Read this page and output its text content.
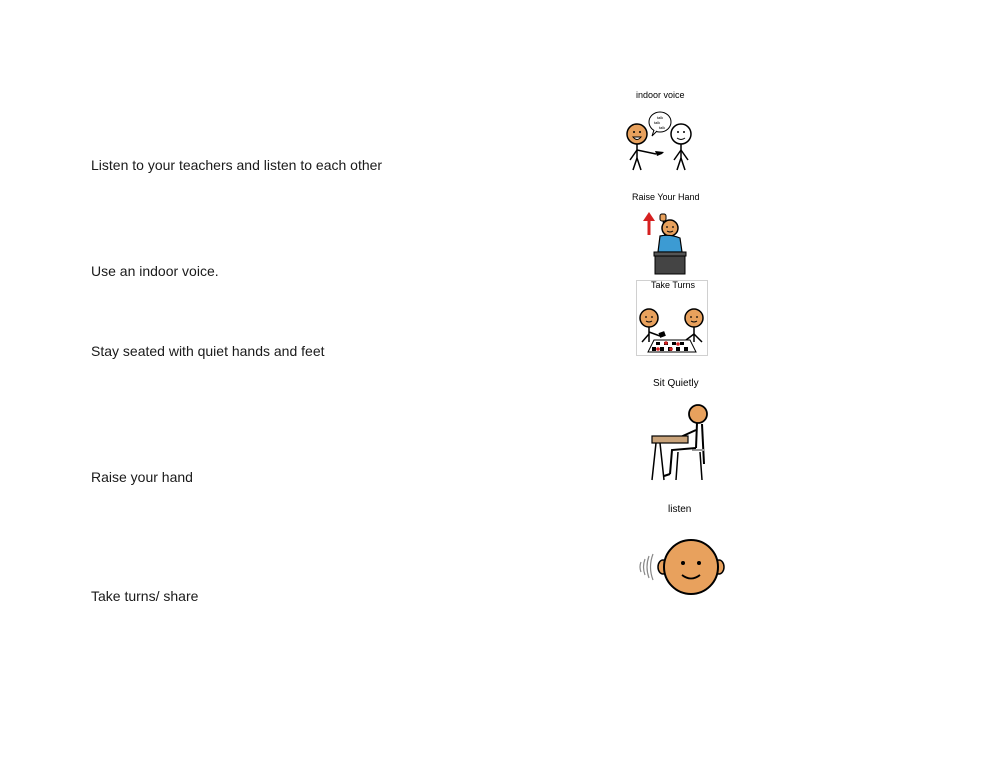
Listen to your teachers and listen to each other
Use an indoor voice.
Stay seated with quiet hands and feet
Raise your hand
Take turns/ share
indoor voice
talk
talk
talk
Raise Your Hand
Take Turns
Sit Quietly
listen
